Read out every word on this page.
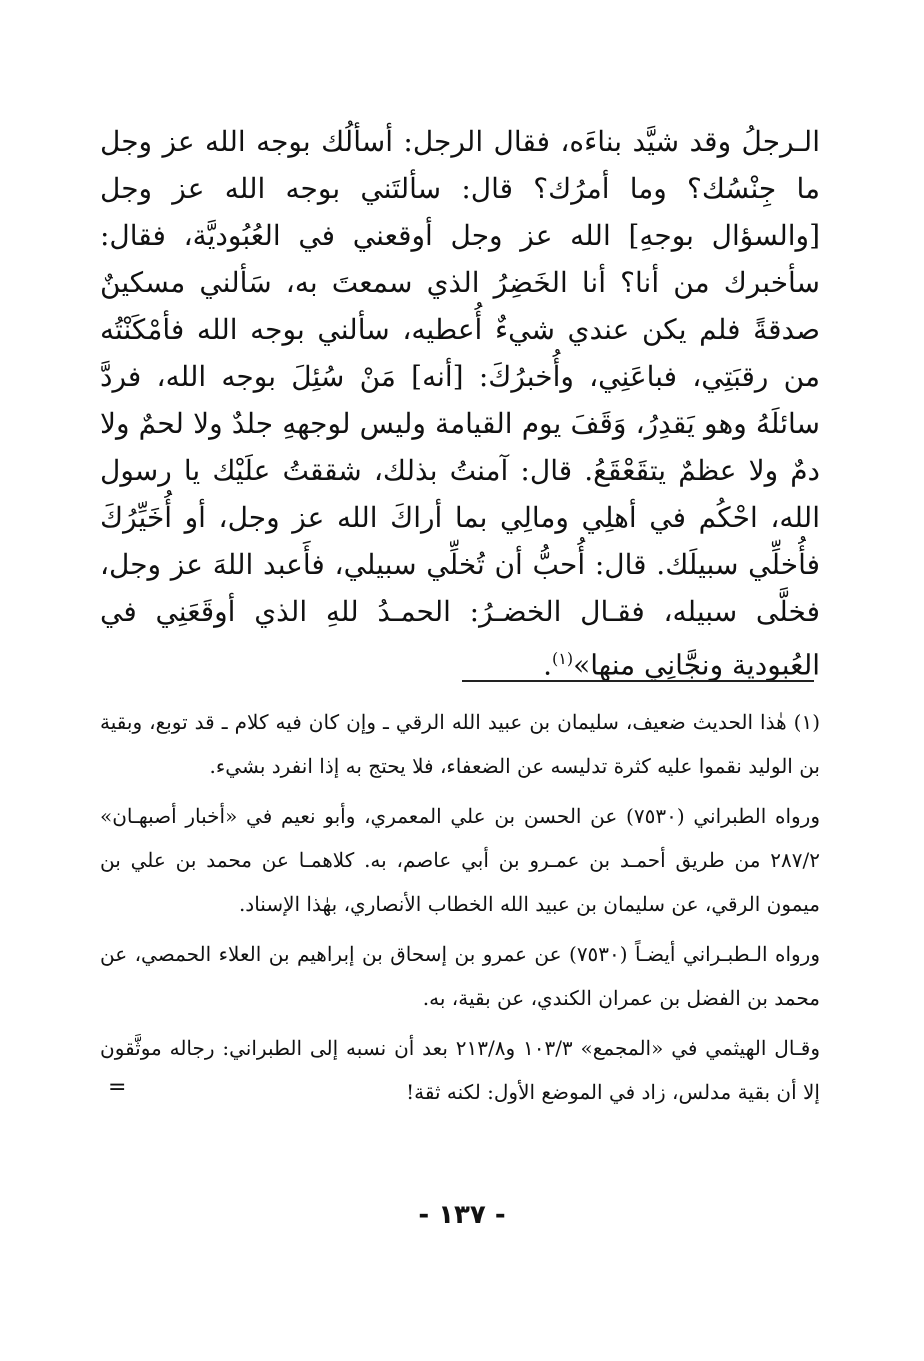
الـرجلُ وقد شيَّد بناءَه، فقال الرجل: أسألُك بوجه الله عز وجل ما جِنْسُك؟ وما أمرُك؟ قال: سألتَني بوجه الله عز وجل [والسؤال بوجهِ] الله عز وجل أوقعني في العُبُوديَّة، فقال: سأخبرك من أنا؟ أنا الخَضِرُ الذي سمعتَ به، سَألني مسكينٌ صدقةً فلم يكن عندي شيءٌ أُعطيه، سألني بوجه الله فأمْكَنْتُه من رقبَتِي، فباعَنِي، وأُخبرُكَ: [أنه] مَنْ سُئِلَ بوجه الله، فردَّ سائلَهُ وهو يَقدِرُ، وَقَفَ يوم القيامة وليس لوجههِ جلدٌ ولا لحمٌ ولا دمٌ ولا عظمٌ يتقَعْقَعُ. قال: آمنتُ بذلك، شققتُ علَيْك يا رسول الله، احْكُم في أهلِي ومالِي بما أراكَ الله عز وجل، أو أُخَيِّرُكَ فأُخلِّي سبيلَك. قال: أُحبُّ أن تُخلِّي سبيلي، فأَعبد اللهَ عز وجل، فخلَّى سبيله، فقـال الخضـرُ: الحمـدُ للهِ الذي أوقَعَنِي في العُبودية ونجَّانِي منها»$^{(١)}$.

(١) هٰذا الحديث ضعيف، سليمان بن عبيد الله الرقي ـ وإن كان فيه كلام ـ قد توبع، وبقية بن الوليد نقموا عليه كثرة تدليسه عن الضعفاء، فلا يحتج به إذا انفرد بشيء.

ورواه الطبراني (٧٥٣٠) عن الحسن بن علي المعمري، وأبو نعيم في «أخبار أصبهـان» ٢٨٧/٢ من طريق أحمـد بن عمـرو بن أبي عاصم، به. كلاهمـا عن محمد بن علي بن ميمون الرقي، عن سليمان بن عبيد الله الخطاب الأنصاري، بهٰذا الإسناد.

ورواه الـطبـراني أيضـاً (٧٥٣٠) عن عمرو بن إسحاق بن إبراهيم بن العلاء الحمصي، عن محمد بن الفضل بن عمران الكندي، عن بقية، به.

وقـال الهيثمي في «المجمع» ١٠٣/٣ و٢١٣/٨ بعد أن نسبه إلى الطبراني: رجاله موثَّقون إلا أن بقية مدلس، زاد في الموضع الأول: لكنه ثقة!
=

- ١٣٧ -
